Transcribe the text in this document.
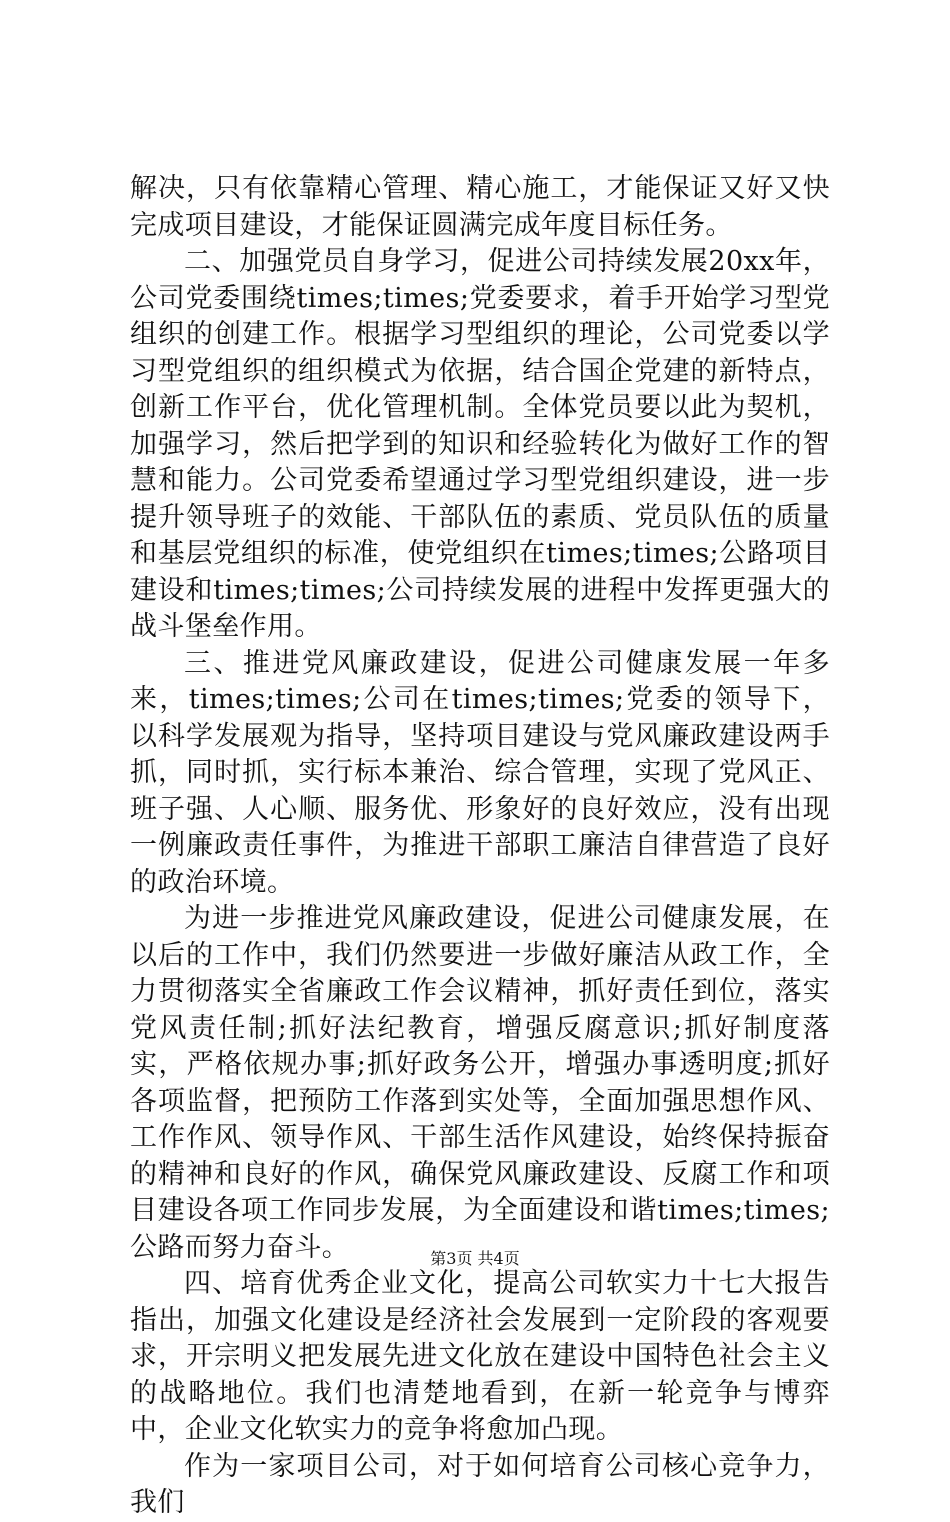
解决，只有依靠精心管理、精心施工，才能保证又好又快完成项目建设，才能保证圆满完成年度目标任务。

二、加强党员自身学习，促进公司持续发展20xx年，公司党委围绕times;times;党委要求，着手开始学习型党组织的创建工作。根据学习型组织的理论，公司党委以学习型党组织的组织模式为依据，结合国企党建的新特点，创新工作平台，优化管理机制。全体党员要以此为契机，加强学习，然后把学到的知识和经验转化为做好工作的智慧和能力。公司党委希望通过学习型党组织建设，进一步提升领导班子的效能、干部队伍的素质、党员队伍的质量和基层党组织的标准，使党组织在times;times;公路项目建设和times;times;公司持续发展的进程中发挥更强大的战斗堡垒作用。

三、推进党风廉政建设，促进公司健康发展一年多来，times;times;公司在times;times;党委的领导下，以科学发展观为指导，坚持项目建设与党风廉政建设两手抓，同时抓，实行标本兼治、综合管理，实现了党风正、班子强、人心顺、服务优、形象好的良好效应，没有出现一例廉政责任事件，为推进干部职工廉洁自律营造了良好的政治环境。

为进一步推进党风廉政建设，促进公司健康发展，在以后的工作中，我们仍然要进一步做好廉洁从政工作，全力贯彻落实全省廉政工作会议精神，抓好责任到位，落实党风责任制;抓好法纪教育，增强反腐意识;抓好制度落实，严格依规办事;抓好政务公开，增强办事透明度;抓好各项监督，把预防工作落到实处等，全面加强思想作风、工作作风、领导作风、干部生活作风建设，始终保持振奋的精神和良好的作风，确保党风廉政建设、反腐工作和项目建设各项工作同步发展，为全面建设和谐times;times;公路而努力奋斗。

四、培育优秀企业文化，提高公司软实力十七大报告指出，加强文化建设是经济社会发展到一定阶段的客观要求，开宗明义把发展先进文化放在建设中国特色社会主义的战略地位。我们也清楚地看到，在新一轮竞争与博弈中，企业文化软实力的竞争将愈加凸现。

作为一家项目公司，对于如何培育公司核心竞争力，我们

第3页 共4页
